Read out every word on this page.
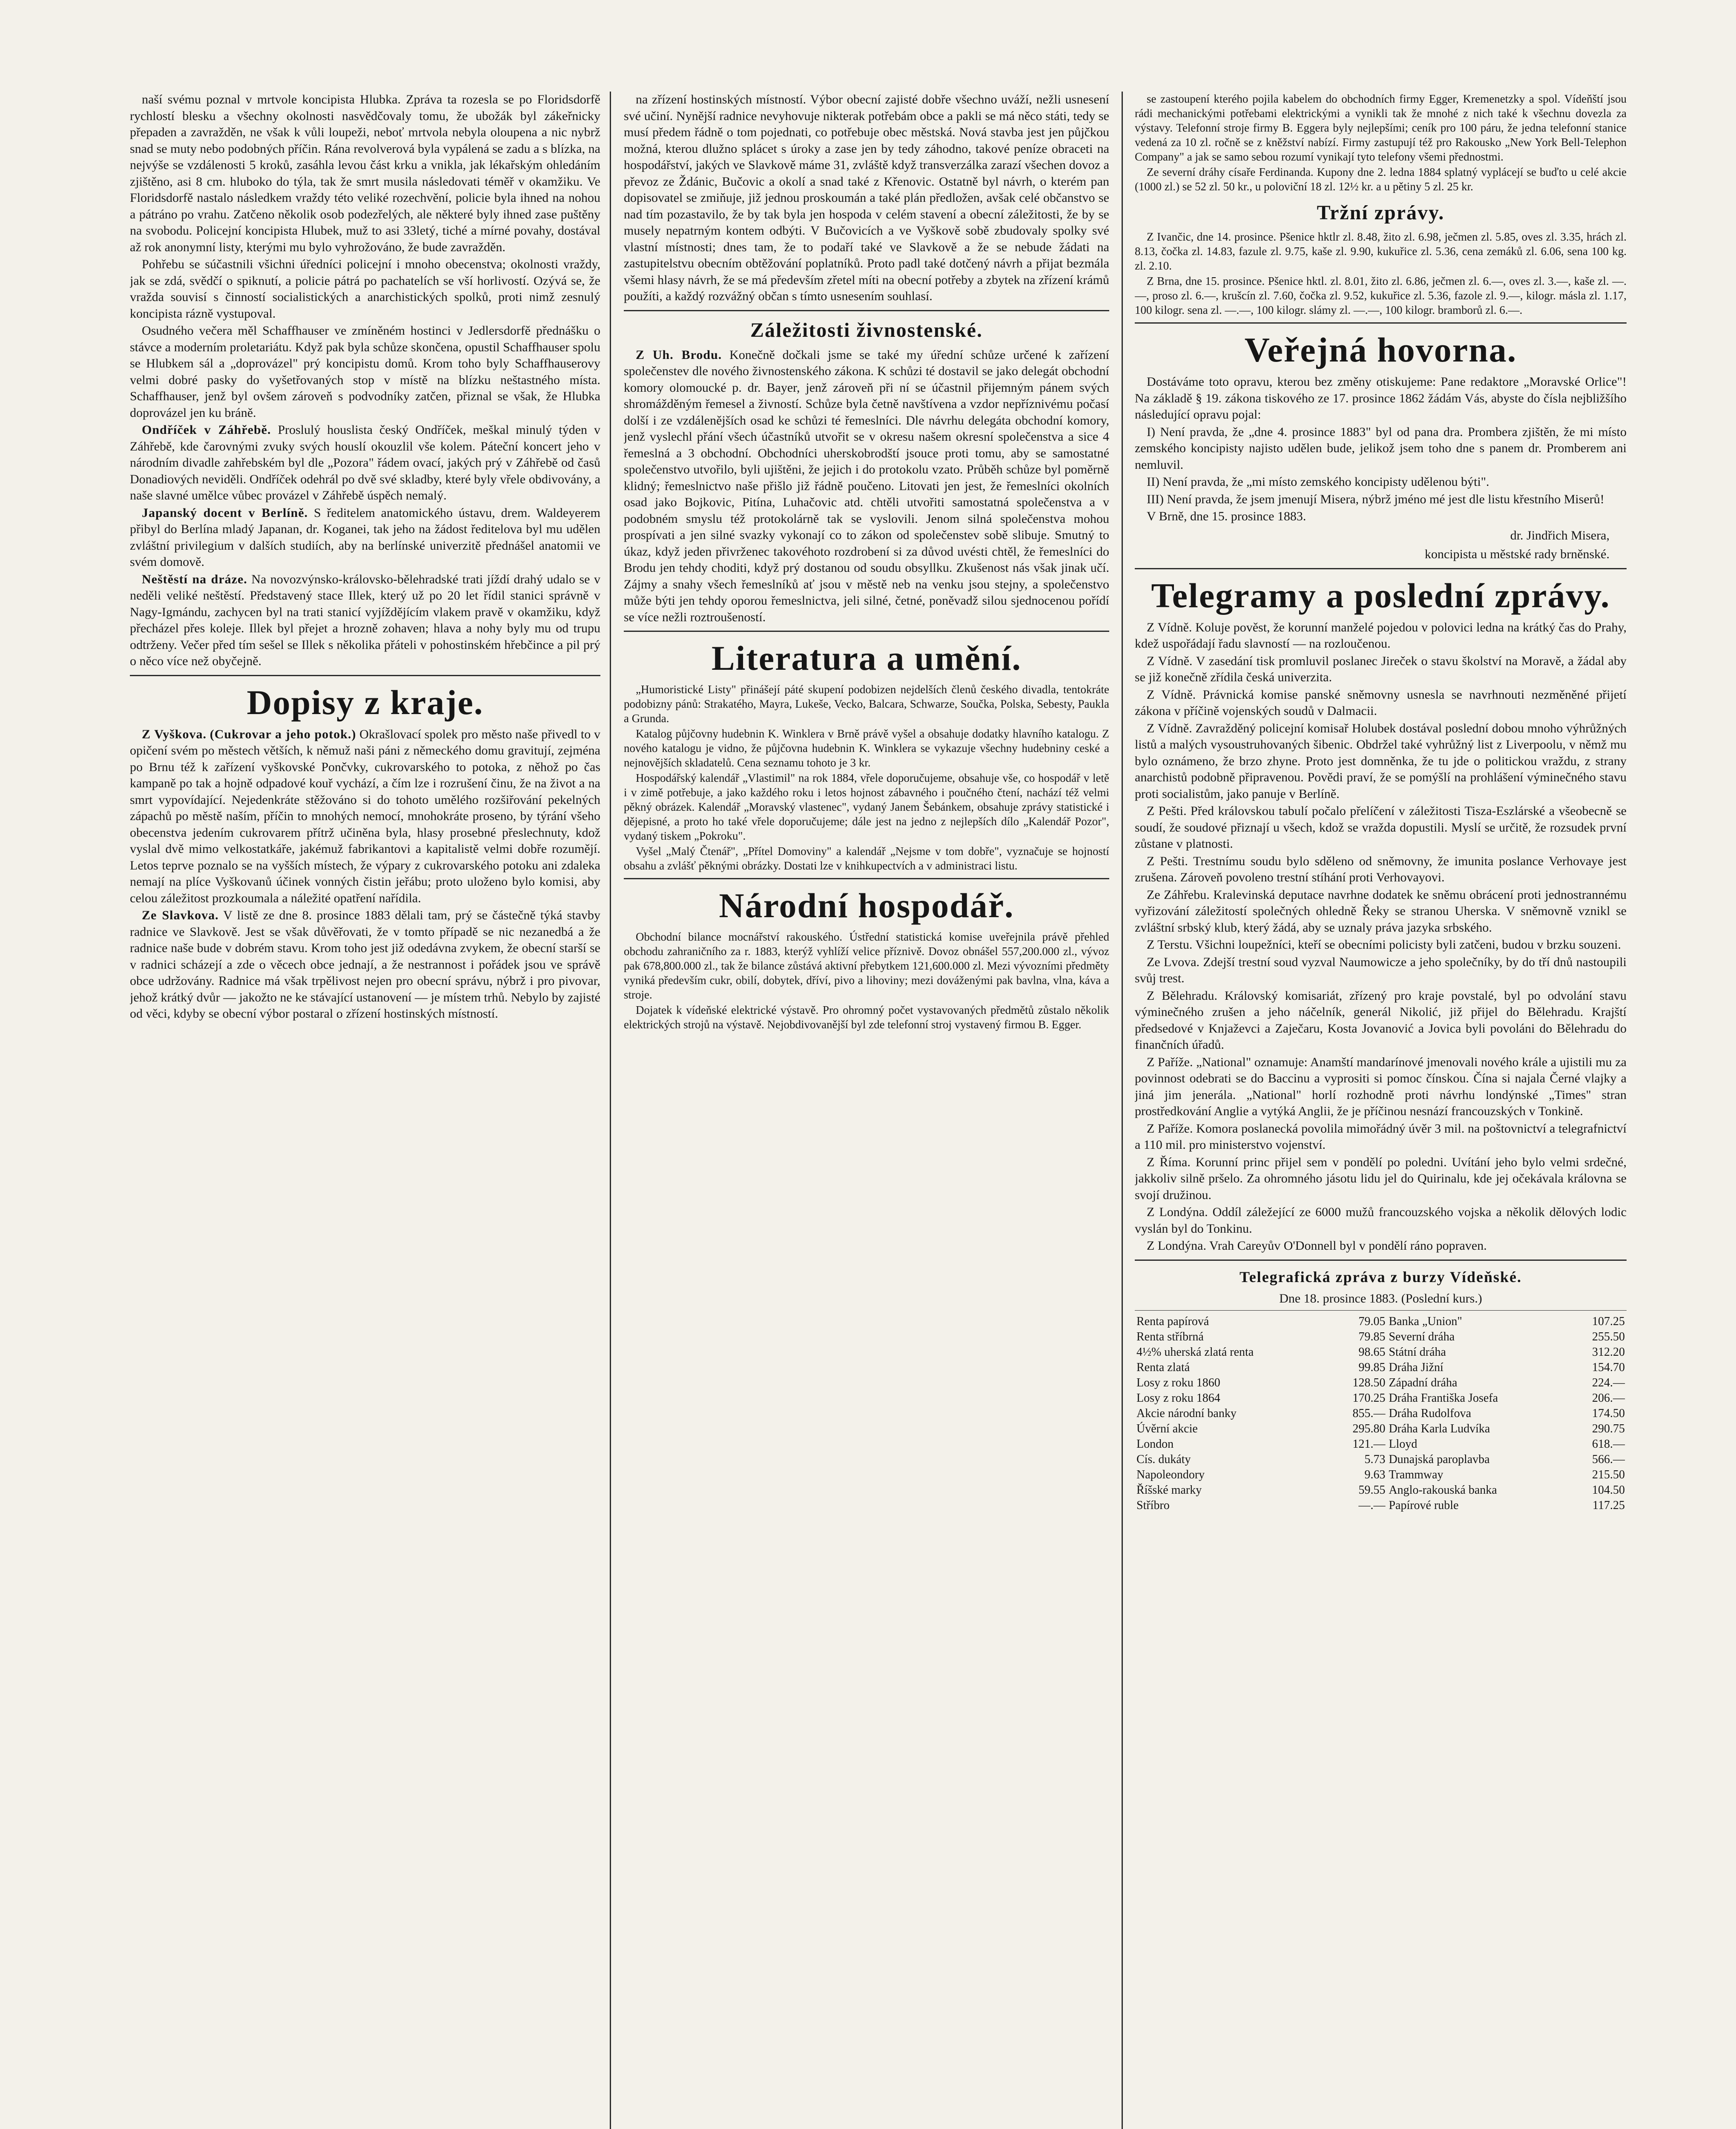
naší svému poznal v mrtvole koncipista Hlubka. Zpráva ta rozesla se po Floridsdorfě rychlostí blesku a všechny okolnosti nasvědčovaly tomu, že ubožák byl zákeřnicky přepaden a zavražděn, ne však k vůli loupeži, neboť mrtvola nebyla oloupena a nic nybrž snad se muty nebo podobných příčin. Rána revolverová byla vypálená se zadu a s blízka, na nejvýše se vzdálenosti 5 kroků, zasáhla levou část krku a vnikla, jak lékařským ohledáním zjištěno, asi 8 cm. hluboko do týla, tak že smrt musila následovati téměř v okamžiku. Ve Floridsdorfě nastalo následkem vraždy této veliké rozechvění, policie byla ihned na nohou a pátráno po vrahu. Zatčeno několik osob podezřelých, ale některé byly ihned zase puštěny na svobodu. Policejní koncipista Hlubek, muž to asi 33letý, tiché a mírné povahy, dostával až rok anonymní listy, kterými mu bylo vyhrožováno, že bude zavražděn.

Pohřebu se súčastnili všichni úředníci policejní i mnoho obecenstva; okolnosti vraždy, jak se zdá, svědčí o spiknutí, a policie pátrá po pachatelích se vší horlivostí. Ozývá se, že vražda souvisí s činností socialistických a anarchistických spolků, proti nimž zesnulý koncipista rázně vystupoval.

Osudného večera měl Schaffhauser ve zmíněném hostinci v Jedlersdorfě přednášku o stávce a moderním proletariátu. Když pak byla schůze skončena, opustil Schaffhauser spolu se Hlubkem sál a „doprovázel" prý koncipistu domů. Krom toho byly Schaffhauserovy velmi dobré pasky do vyšetřovaných stop v místě na blízku neštastného místa. Schaffhauser, jenž byl ovšem zároveň s podvodníky zatčen, přiznal se však, že Hlubka doprovázel jen ku bráně.

Ondříček v Záhřebě. Proslulý houslista český Ondříček, meškal minulý týden v Záhřebě, kde čarovnými zvuky svých houslí okouzlil vše kolem. Páteční koncert jeho v národním divadle zahřebském byl dle „Pozora" řádem ovací, jakých prý v Záhřebě od časů Donadiových neviděli. Ondříček odehrál po dvě své skladby, které byly vřele obdivovány, a naše slavné umělce vůbec provázel v Záhřebě úspěch nemalý.

Japanský docent v Berlíně. S ředitelem anatomického ústavu, drem. Waldeyerem přibyl do Berlína mladý Japanan, dr. Koganei, tak jeho na žádost ředitelova byl mu udělen zvláštní privilegium v dalších studiích, aby na berlínské univerzitě přednášel anatomii ve svém domově.

Neštěstí na dráze. Na novozvýnsko-královsko-bělehradské trati jíždí drahý udalo se v neděli veliké neštěstí. Představený stace Illek, který už po 20 let řídil stanici správně v Nagy-Igmándu, zachycen byl na trati stanicí vyjíždějícím vlakem pravě v okamžiku, když přecházel přes koleje. Illek byl přejet a hrozně zohaven; hlava a nohy byly mu od trupu odtrženy. Večer před tím sešel se Illek s několika přáteli v pohostinském hřebčince a pil prý o něco více než obyčejně.

Dopisy z kraje.

Z Vyškova. (Cukrovar a jeho potok.) Okrašlovací spolek pro město naše přivedl to v opičení svém po městech větších, k němuž naši páni z německého domu gravitují, zejména po Brnu též k zařízení vyškovské Pončvky, cukrovarského to potoka, z něhož po čas kampaně po tak a hojně odpadové kouř vychází, a čím lze i rozrušení činu, že na život a na smrt vypovídající. Nejedenkráte stěžováno si do tohoto umělého rozšiřování pekelných zápachů po městě naším, příčin to mnohých nemocí, mnohokráte proseno, by týrání všeho obecenstva jedením cukrovarem přítrž učiněna byla, hlasy prosebné přeslechnuty, kdož vyslal dvě mimo velkostatkáře, jakémuž fabrikantovi a kapitalistě velmi dobře rozumějí. Letos teprve poznalo se na vyšších místech, že výpary z cukrovarského potoku ani zdaleka nemají na plíce Vyškovanů účinek vonných čistin jeřábu; proto uloženo bylo komisi, aby celou záležitost prozkoumala a náležité opatření nařídila.

Ze Slavkova. V listě ze dne 8. prosince 1883 dělali tam, prý se částečně týká stavby radnice ve Slavkově. Jest se však důvěřovati, že v tomto případě se nic nezanedbá a že radnice naše bude v dobrém stavu. Krom toho jest již odedávna zvykem, že obecní starší se v radnici scházejí a zde o věcech obce jednají, a že nestrannost i pořádek jsou ve správě obce udržovány. Radnice má však trpělivost nejen pro obecní správu, nýbrž i pro pivovar, jehož krátký dvůr — jakožto ne ke stávající ustanovení — je místem trhů. Nebylo by zajisté od věci, kdyby se obecní výbor postaral o zřízení hostinských místností.

na zřízení hostinských místností. Výbor obecní zajisté dobře všechno uváží, nežli usnesení své učiní. Nynější radnice nevyhovuje nikterak potřebám obce a pakli se má něco státi, tedy se musí předem řádně o tom pojednati, co potřebuje obec městská. Nová stavba jest jen půjčkou možná, kterou dlužno splácet s úroky a zase jen by tedy záhodno, takové peníze obraceti na hospodářství, jakých ve Slavkově máme 31, zvláště když transverzálka zarazí všechen dovoz a převoz ze Ždánic, Bučovic a okolí a snad také z Křenovic. Ostatně byl návrh, o kterém pan dopisovatel se zmiňuje, již jednou proskoumán a také plán předložen, avšak celé občanstvo se nad tím pozastavilo, že by tak byla jen hospoda v celém stavení a obecní záležitosti, že by se musely nepatrným kontem odbýti. V Bučovicích a ve Vyškově sobě zbudovaly spolky své vlastní místnosti; dnes tam, že to podaří také ve Slavkově a že se nebude žádati na zastupitelstvu obecním obtěžování poplatníků. Proto padl také dotčený návrh a přijat bezmála všemi hlasy návrh, že se má především zřetel míti na obecní potřeby a zbytek na zřízení krámů použíti, a každý rozvážný občan s tímto usnesením souhlasí.

Záležitosti živnostenské.

Z Uh. Brodu. Konečně dočkali jsme se také my úřední schůze určené k zařízení společenstev dle nového živnostenského zákona. K schůzi té dostavil se jako delegát obchodní komory olomoucké p. dr. Bayer, jenž zároveň při ní se účastnil přijemným pánem svých shromážděným řemesel a živností. Schůze byla četně navštívena a vzdor nepříznivému počasí dolší i ze vzdálenějších osad ke schůzi té řemeslníci. Dle návrhu delegáta obchodní komory, jenž vyslechl přání všech účastníků utvořit se v okresu našem okresní společenstva a sice 4 řemeslná a 3 obchodní. Obchodníci uherskobrodští jsouce proti tomu, aby se samostatné společenstvo utvořilo, byli ujištěni, že jejich i do protokolu vzato. Průběh schůze byl poměrně klidný; řemeslnictvo naše přišlo již řádně poučeno. Litovati jen jest, že řemeslníci okolních osad jako Bojkovic, Pitína, Luhačovic atd. chtěli utvořiti samostatná společenstva a v podobném smyslu též protokolárně tak se vyslovili. Jenom silná společenstva mohou prospívati a jen silné svazky vykonají co to zákon od společenstev sobě slibuje. Smutný to úkaz, když jeden přivrženec takovéhoto rozdrobení si za důvod uvésti chtěl, že řemeslníci do Brodu jen tehdy choditi, když prý dostanou od soudu obsyllku. Zkušenost nás však jinak učí. Zájmy a snahy všech řemeslníků ať jsou v městě neb na venku jsou stejny, a společenstvo může býti jen tehdy oporou řemeslnictva, jeli silné, četné, poněvadž silou sjednocenou pořídí se více nežli roztroušeností.

Literatura a umění.

„Humoristické Listy" přinášejí páté skupení podobizen nejdelších členů českého divadla, tentokráte podobizny pánů: Strakatého, Mayra, Lukeše, Vecko, Balcara, Schwarze, Součka, Polska, Sebesty, Paukla a Grunda.

Katalog půjčovny hudebnin K. Winklera v Brně právě vyšel a obsahuje dodatky hlavního katalogu. Z nového katalogu je vidno, že půjčovna hudebnin K. Winklera se vykazuje všechny hudebniny ceské a nejnovějších skladatelů. Cena seznamu tohoto je 3 kr.

Hospodářský kalendář „Vlastimil" na rok 1884, vřele doporučujeme, obsahuje vše, co hospodář v letě i v zimě potřebuje, a jako každého roku i letos hojnost zábavného i poučného čtení, nachází též velmi pěkný obrázek. Kalendář „Moravský vlastenec", vydaný Janem Šebánkem, obsahuje zprávy statistické i dějepisné, a proto ho také vřele doporučujeme; dále jest na jedno z nejlepších dílo „Kalendář Pozor", vydaný tiskem „Pokroku".

Vyšel „Malý Čtenář", „Přítel Domoviny" a kalendář „Nejsme v tom dobře", vyznačuje se hojností obsahu a zvlášť pěknými obrázky. Dostati lze v knihkupectvích a v administraci listu.

Národní hospodář.

Obchodní bilance mocnářství rakouského. Ústřední statistická komise uveřejnila právě přehled obchodu zahraničního za r. 1883, kterýž vyhlíží velice příznivě. Dovoz obnášel 557,200.000 zl., vývoz pak 678,800.000 zl., tak že bilance zůstává aktivní přebytkem 121,600.000 zl. Mezi vývozními předměty vyniká především cukr, obilí, dobytek, dříví, pivo a lihoviny; mezi dováženými pak bavlna, vlna, káva a stroje.

Dojatek k vídeňské elektrické výstavě. Pro ohromný počet vystavovaných předmětů zůstalo několik elektrických strojů na výstavě. Nejobdivovanější byl zde telefonní stroj vystavený firmou B. Egger.

se zastoupení kterého pojila kabelem do obchodních firmy Egger, Kremenetzky a spol. Vídeňští jsou rádi mechanickými potřebami elektrickými a vynikli tak že mnohé z nich také k všechnu dovezla za výstavy. Telefonní stroje firmy B. Eggera byly nejlepšími; ceník pro 100 páru, že jedna telefonní stanice vedená za 10 zl. ročně se z kněžství nabízí. Firmy zastupují též pro Rakousko „New York Bell-Telephon Company" a jak se samo sebou rozumí vynikají tyto telefony všemi přednostmi.

Ze severní dráhy císaře Ferdinanda. Kupony dne 2. ledna 1884 splatný vyplácejí se buďto u celé akcie (1000 zl.) se 52 zl. 50 kr., u poloviční 18 zl. 12½ kr. a u pětiny 5 zl. 25 kr.

Tržní zprávy.

Z Ivančic, dne 14. prosince. Pšenice hktlr zl. 8.48, žito zl. 6.98, ječmen zl. 5.85, oves zl. 3.35, hrách zl. 8.13, čočka zl. 14.83, fazule zl. 9.75, kaše zl. 9.90, kukuřice zl. 5.36, cena zemáků zl. 6.06, sena 100 kg. zl. 2.10.

Z Brna, dne 15. prosince. Pšenice hktl. zl. 8.01, žito zl. 6.86, ječmen zl. 6.—, oves zl. 3.—, kaše zl. —.—, proso zl. 6.—, krušcín zl. 7.60, čočka zl. 9.52, kukuřice zl. 5.36, fazole zl. 9.—, kilogr. másla zl. 1.17, 100 kilogr. sena zl. —.—, 100 kilogr. slámy zl. —.—, 100 kilogr. bramborů zl. 6.—.

Veřejná hovorna.

Dostáváme toto opravu, kterou bez změny otiskujeme: Pane redaktore „Moravské Orlice"! Na základě § 19. zákona tiskového ze 17. prosince 1862 žádám Vás, abyste do čísla nejbližšího následující opravu pojal:

I) Není pravda, že „dne 4. prosince 1883" byl od pana dra. Prombera zjištěn, že mi místo zemského koncipisty najisto udělen bude, jelikož jsem toho dne s panem dr. Promberem ani nemluvil.

II) Není pravda, že „mi místo zemského koncipisty udělenou býti".

III) Není pravda, že jsem jmenují Misera, nýbrž jméno mé jest dle listu křestního Miserů!

V Brně, dne 15. prosince 1883.

dr. Jindřich Misera,
koncipista u městské rady brněnské.
Telegramy a poslední zprávy.

Z Vídně. Koluje pověst, že korunní manželé pojedou v polovici ledna na krátký čas do Prahy, kdež uspořádají řadu slavností — na rozloučenou.

Z Vídně. V zasedání tisk promluvil poslanec Jireček o stavu školství na Moravě, a žádal aby se již konečně zřídila česká univerzita.

Z Vídně. Právnická komise panské sněmovny usnesla se navrhnouti nezměněné přijetí zákona v příčině vojenských soudů v Dalmacii.

Z Vídně. Zavražděný policejní komisař Holubek dostával poslední dobou mnoho výhrůžných listů a malých vysoustruhovaných šibenic. Obdržel také vyhrůžný list z Liverpoolu, v němž mu bylo oznámeno, že brzo zhyne. Proto jest domněnka, že tu jde o politickou vraždu, z strany anarchistů podobně připravenou. Povědi praví, že se pomýšlí na prohlášení výminečného stavu proti socialistům, jako panuje v Berlíně.

Z Pešti. Před královskou tabulí počalo přelíčení v záležitosti Tisza-Eszlárské a všeobecně se soudí, že soudové přiznají u všech, kdož se vražda dopustili. Myslí se určitě, že rozsudek první zůstane v platnosti.

Z Pešti. Trestnímu soudu bylo sděleno od sněmovny, že imunita poslance Verhovaye jest zrušena. Zároveň povoleno trestní stíhání proti Verhovayovi.

Ze Záhřebu. Kralevinská deputace navrhne dodatek ke sněmu obrácení proti jednostrannému vyřizování záležitostí společných ohledně Řeky se stranou Uherska. V sněmovně vznikl se zvláštní srbský klub, který žádá, aby se uznaly práva jazyka srbského.

Z Terstu. Všichni loupežníci, kteří se obecními policisty byli zatčeni, budou v brzku souzeni.

Ze Lvova. Zdejší trestní soud vyzval Naumowicze a jeho společníky, by do tří dnů nastoupili svůj trest.

Z Bělehradu. Královský komisariát, zřízený pro kraje povstalé, byl po odvolání stavu výminečného zrušen a jeho náčelník, generál Nikolić, již přijel do Bělehradu. Krajští předsedové v Knjaževci a Zaječaru, Kosta Jovanović a Jovica byli povoláni do Bělehradu do finančních úřadů.

Z Paříže. „National" oznamuje: Anamští mandarínové jmenovali nového krále a ujistili mu za povinnost odebrati se do Baccinu a vyprositi si pomoc čínskou. Čína si najala Černé vlajky a jiná jim jenerála. „National" horlí rozhodně proti návrhu londýnské „Times" stran prostředkování Anglie a vytýká Anglii, že je příčinou nesnází francouzských v Tonkině.

Z Paříže. Komora poslanecká povolila mimořádný úvěr 3 mil. na poštovnictví a telegrafnictví a 110 mil. pro ministerstvo vojenství.

Z Říma. Korunní princ přijel sem v pondělí po poledni. Uvítání jeho bylo velmi srdečné, jakkoliv silně pršelo. Za ohromného jásotu lidu jel do Quirinalu, kde jej očekávala královna se svojí družinou.

Z Londýna. Oddíl záležející ze 6000 mužů francouzského vojska a několik dělových lodic vyslán byl do Tonkinu.

Z Londýna. Vrah Careyův O'Donnell byl v pondělí ráno popraven.

Telegrafická zpráva z burzy Vídeňské.
Dne 18. prosince 1883. (Poslední kurs.)
Renta papírová	79.05	Banka „Union"	107.25
Renta stříbrná	79.85	Severní dráha	255.50
4½% uherská zlatá renta	98.65	Státní dráha	312.20
Renta zlatá	99.85	Dráha Jižní	154.70
Losy z roku 1860	128.50	Západní dráha	224.—
Losy z roku 1864	170.25	Dráha Františka Josefa	206.—
Akcie národní banky	855.—	Dráha Rudolfova	174.50
Úvěrní akcie	295.80	Dráha Karla Ludvíka	290.75
London	121.—	Lloyd	618.—
Cís. dukáty	5.73	Dunajská paroplavba	566.—
Napoleondory	9.63	Trammway	215.50
Říšské marky	59.55	Anglo-rakouská banka	104.50
Stříbro	—.—	Papírové ruble	117.25
